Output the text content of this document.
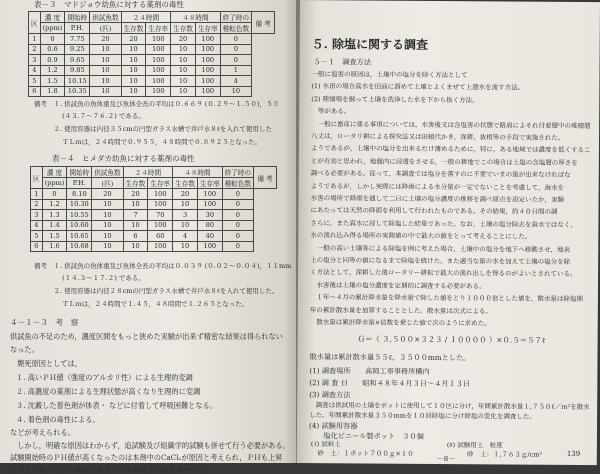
表－３　マドジョウ幼魚に対する薬剤の毒性
区	濃 度	開始時	供試魚数	２４時間		４８時間		終了時の	備 考
	(ppm)	P.H.	(匹)	生存数	生存率	生存数	生存率	稚転色数	
1	0	7.75	20	20	100	20	100	0	
2	0.6	9.25	10	10	100	10	100	0	
3	0.9	9.65	10	10	100	10	100	0	
4	1.2	9.85	10	10	100	10	100	1	
5	1.5	10.15	10	10	100	10	100	4	
6	1.8	10.35	10	10	100	10	100	10	
備考　１. 供試魚の魚体重及び魚体全長の平均は０.６６９ (０.２９～１.５０)，５５
　　　　 (４３.７～７６.２) である。
　　　２. 使用容器は内径３５cmの円型ガラス水槽で井戸水８ℓを入れて使用した
　　　　 ＴＬｍは，２４時間で０.９５５，４８時間で０.８９２５となった。
表－４　ヒメダカ幼魚に対する薬剤の毒性
区	濃 度	開始時	供試魚数	２４時間		４８時間		終了時の	備 考
	(ppm)	P.H.	(匹)	生存数	生存率	生存数	生存率	稚転色数	
1	0	8.10	20	20	100	20	100	0	
2	1.2	10.30	10	10	100	10	100	0	
3	1.3	10.55	10	7	70	3	30	0	
4	1.4	10.60	10	10	100	10	80	0	
5	1.5	10.65	10	6	60	4	40	0	
6	1.6	10.68	10	10	100	10	100	0	
備考　１. 供試魚の魚体重及び魚体全長の平均は０.０３９ (０.０２～０.０４)，１１mm
　　　　 (１４.３～１７.２) である。
　　　２. 使用容器は内径２８cmの円型ガラス水槽で井戸水８ℓを入れて使用した。
　　　　 ＴＬｍは，２４時間で１.４５，４８時間で１.２６５となった。
４－１－３　考　察
供試魚の不足のため，濃度区間をもっと狭めた実験が出来ず精密な結果は得られない
なった。
　斃死原因としては，
１. 高いＰＨ値（強度のアルカリ性）による生理的変調
２. 高濃度の薬剤による生理状態が高くなり生理的に変調
３. 沈澱した着色剤が体表・ などに付着して呼吸困難となる。
４. 着色剤の毒性による。
などが考えられる。
　しかし，明確な原因はわからず，追試験及び組織学的試験も併せて行う必要がある。
試験開始時のＰＨ値が高くなったのは本剤中のCaCl₂が原因と考えられ，ＰＨも上昇
と考えられ，しかし本法を採用してものはこの原因の一つと……
５. 除塩に関する調査
５－１　調査方法
一般に塩害の原因は，土壌中の塩分を除く方法として
(1) 水田の場合真水を田面に溜めて土壌とよくまぜて上澄水を流す方法。
(2) 陸畑場を掘って上壌を洗浄した水を下から抜く方法。
　等がある。
　一般に畜産に係る事項については，水害後又は含塩害の状態で路肩によそれ付着層中の堆積層
八丈は，ロータリ耕による探究法又は田植代かき，深耕，抜根等の手段で実施された。
ようであるが，土壌中の塩分を出来るだけ薄めるために，特に，ある地域では濃度を低くするこ
とが有効と思われ，地盤内に浸透をさせる，一般の耕地でこの場合は土塩の含塩層の厚さを
調べる必要がある。従って，本調査では塩分を落すのに不要でいまの量が出来なければな
ようであるが，しかし実際には降雨による水分量が一定でないことを考慮して，海水を
水害の場所で降雨を通して二日に土壌の塩分濃度の推移を調べ原点を設定いたか，実験
にあたっては天然の降雨を利用して行われたものである。その結果，約４０日間の調
さらに，また真水に浸して除塩した結果であった。なお，土壌の塩分除去を真水ではなく，
水の流れ込み得る場所の実測値の中で最大の値をとって考えることにした。
　一般の高い土壌等による除塩を例に考えた場合，土壌中の塩分を地下へ移動させ，地表
上の塩分と同等の値になるまで除塩を続けた。また適当な量の水を加えて土壌の塩分を除
く方法として，深耕した後ロータリー耕耘で最大の流れ出しを得るのがよいとされている。
　水害後は土壌の塩分濃度を定期的に調査する必要がある。
　１年～４月の累計降水量を降水量で除した値をとり１０００倍とした値を，散水量は除塩期
年の累計散水量を加算することとした。散水量は次式による。
　散水量は累計降水量×倍数を乗じた値で次のように求めた。
Ｇ＝（ ３,５００×３２３ / １００００ ）×０.５＝５７ℓ
散水量は累計散水量５５ℓ，３５００mmとした。
(1) 調査場所　　高岡工事事務所構内
(2) 調 査 日　　昭和４８年４月３日～４月１３日
(3) 調査方法
　調査は供試用の土壌をポットに使用して１０区に分け，年間累計散水量１,７５０ℓ／ｍ²を散水
した。年間累計散水量３５０mmを１０回除塩に分け除塩の変化を調査した。
(4) 試験用容器
　　塩化ビニール製ポット　３０個
(ｲ) 試料土	(ﾛ) 試験用土　粒度
　砂　土：１ポット７００ｇ×１０	砂　土：１,７６３ｇ/cm³
－8－
139
